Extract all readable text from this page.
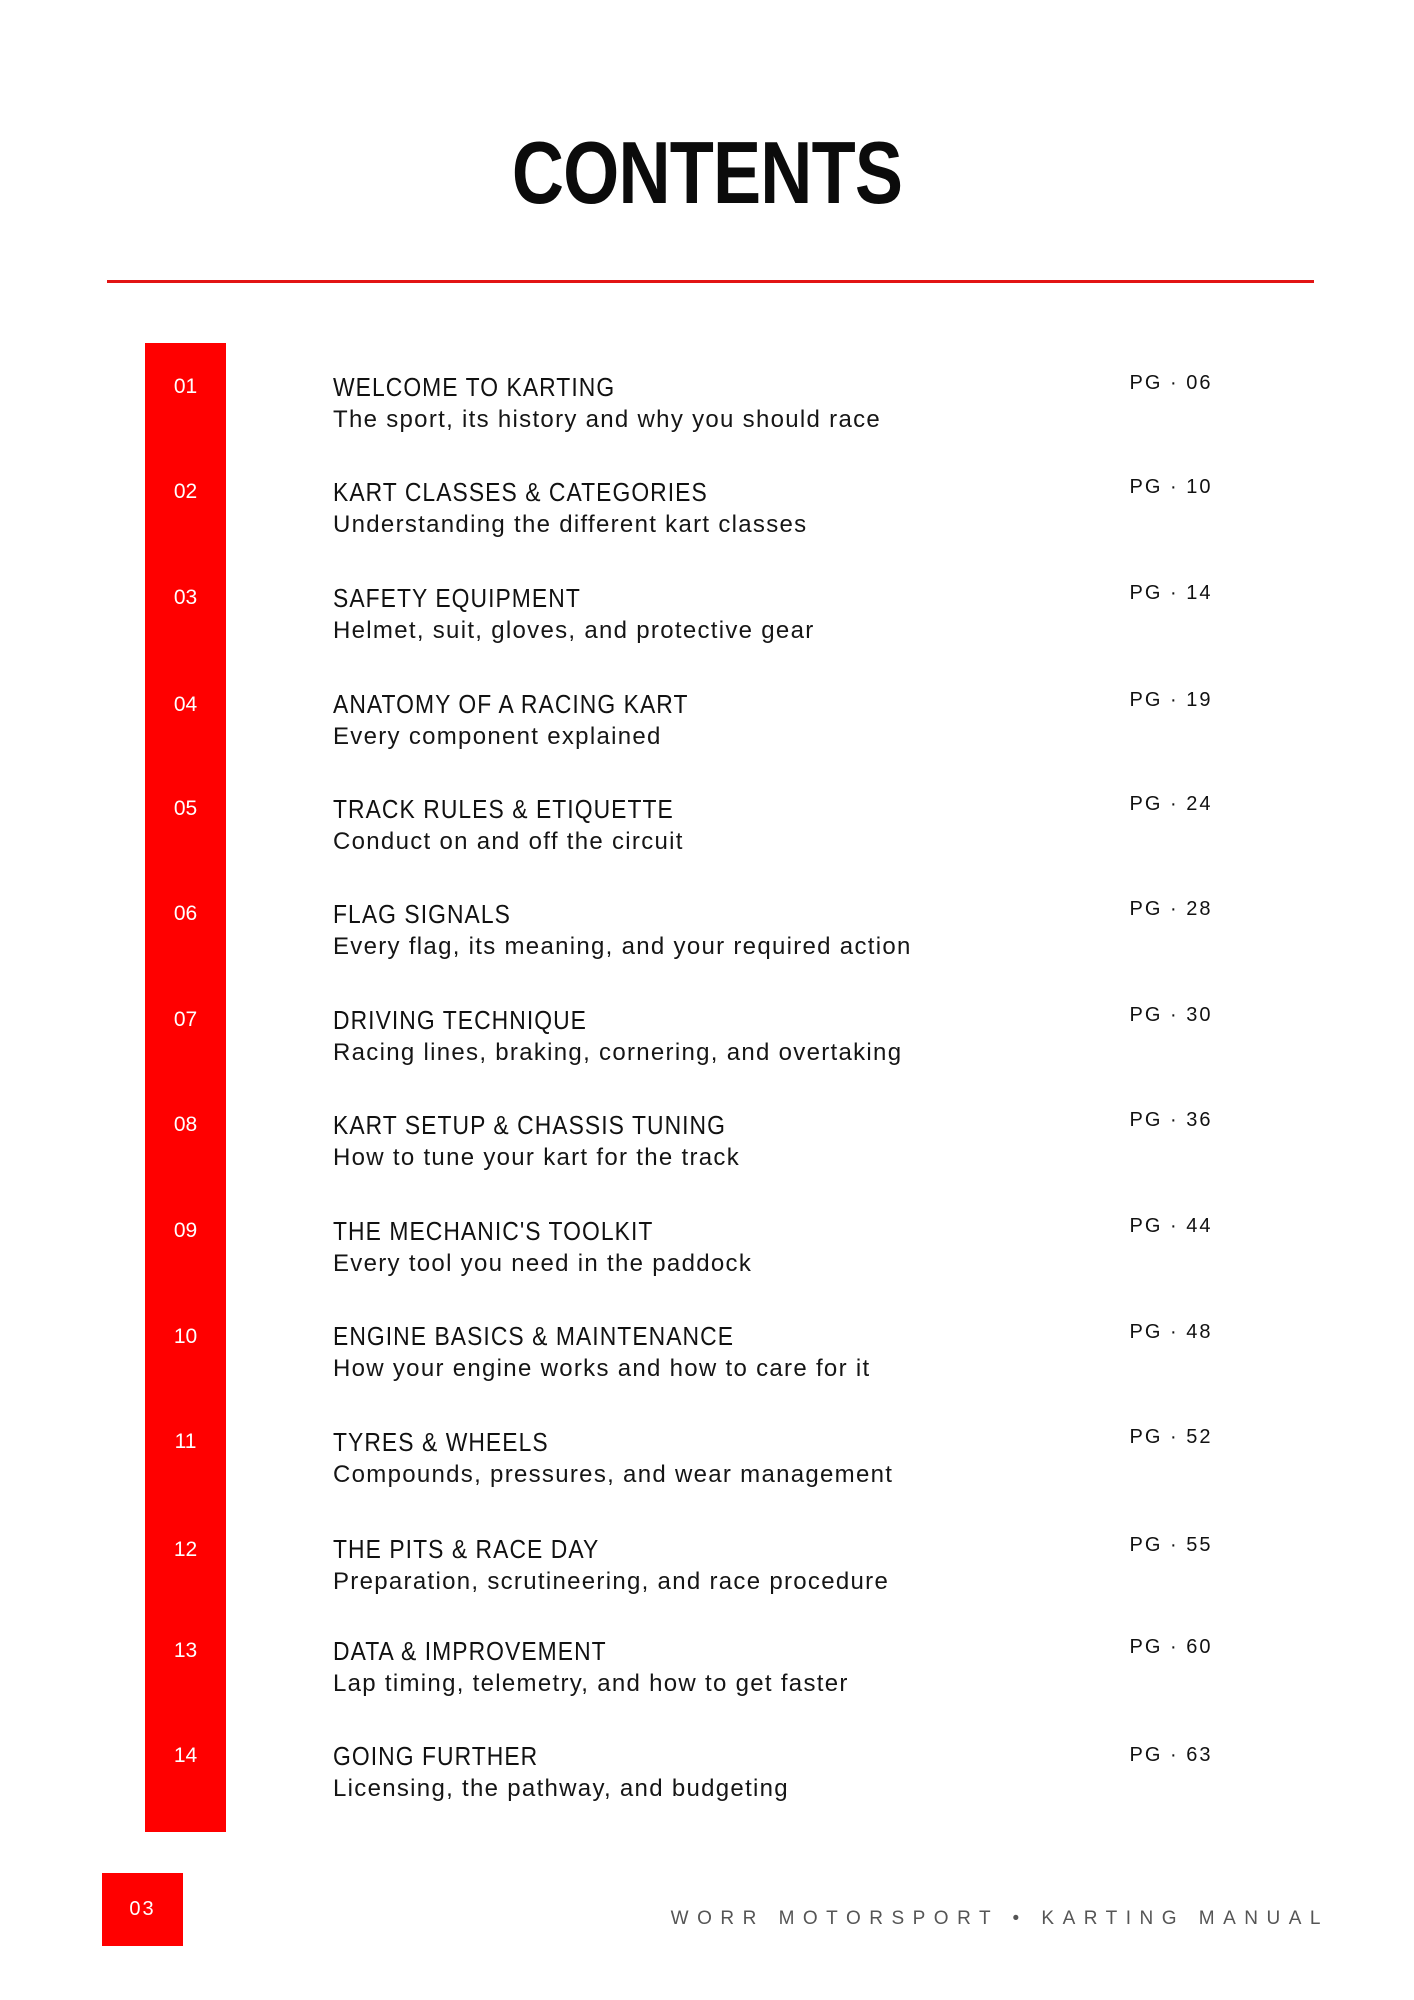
CONTENTS
01	WELCOME TO KARTING
The sport, its history and why you should race
PG · 06
02	KART CLASSES & CATEGORIES
Understanding the different kart classes
PG · 10
03	SAFETY EQUIPMENT
Helmet, suit, gloves, and protective gear
PG · 14
04	ANATOMY OF A RACING KART
Every component explained
PG · 19
05	TRACK RULES & ETIQUETTE
Conduct on and off the circuit
PG · 24
06	FLAG SIGNALS
Every flag, its meaning, and your required action
PG · 28
07	DRIVING TECHNIQUE
Racing lines, braking, cornering, and overtaking
PG · 30
08	KART SETUP & CHASSIS TUNING
How to tune your kart for the track
PG · 36
09	THE MECHANIC'S TOOLKIT
Every tool you need in the paddock
PG · 44
10	ENGINE BASICS & MAINTENANCE
How your engine works and how to care for it
PG · 48
11	TYRES & WHEELS
Compounds, pressures, and wear management
PG · 52
12	THE PITS & RACE DAY
Preparation, scrutineering, and race procedure
PG · 55
13	DATA & IMPROVEMENT
Lap timing, telemetry, and how to get faster
PG · 60
14	GOING FURTHER
Licensing, the pathway, and budgeting
PG · 63
03	WORR MOTORSPORT • KARTING MANUAL
